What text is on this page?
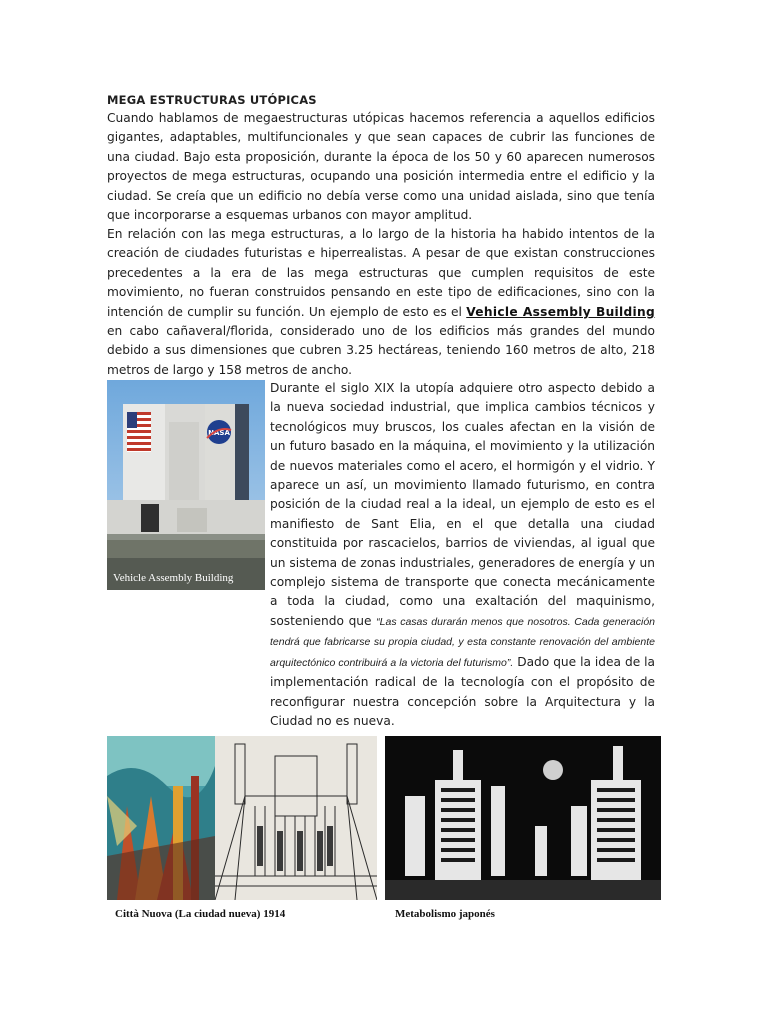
MEGA ESTRUCTURAS UTÓPICAS

Cuando hablamos de megaestructuras utópicas hacemos referencia a aquellos edificios gigantes, adaptables, multifuncionales y que sean capaces de cubrir las funciones de una ciudad. Bajo esta proposición, durante la época de los 50 y 60 aparecen numerosos proyectos de mega estructuras, ocupando una posición intermedia entre el edificio y la ciudad. Se creía que un edificio no debía verse como una unidad aislada, sino que tenía que incorporarse a esquemas urbanos con mayor amplitud.

En relación con las mega estructuras, a lo largo de la historia ha habido intentos de la creación de ciudades futuristas e hiperrealistas. A pesar de que existan construcciones precedentes a la era de las mega estructuras que cumplen requisitos de este movimiento, no fueran construidos pensando en este tipo de edificaciones, sino con la intención de cumplir su función. Un ejemplo de esto es el Vehicle Assembly Building en cabo cañaveral/florida, considerado uno de los edificios más grandes del mundo debido a sus dimensiones que cubren 3.25 hectáreas, teniendo 160 metros de alto, 218 metros de largo y 158 metros de ancho.

NASA
Vehicle Assembly Building

Durante el siglo XIX la utopía adquiere otro aspecto debido a la nueva sociedad industrial, que implica cambios técnicos y tecnológicos muy bruscos, los cuales afectan en la visión de un futuro basado en la máquina, el movimiento y la utilización de nuevos materiales como el acero, el hormigón y el vidrio. Y aparece un así, un movimiento llamado futurismo, en contra posición de la ciudad real a la ideal, un ejemplo de esto es el manifiesto de Sant Elia, en el que detalla una ciudad constituida por rascacielos, barrios de viviendas, al igual que un sistema de zonas industriales, generadores de energía y un complejo sistema de transporte que conecta mecánicamente a toda la ciudad, como una exaltación del maquinismo, sosteniendo que “Las casas durarán menos que nosotros. Cada generación tendrá que fabricarse su propia ciudad, y esta constante renovación del ambiente arquitectónico contribuirá a la victoria del futurismo”. Dado que la idea de la implementación radical de la tecnología con el propósito de reconfigurar nuestra concepción sobre la Arquitectura y la Ciudad no es nueva.

Città Nuova (La ciudad nueva) 1914	Metabolismo japonés
